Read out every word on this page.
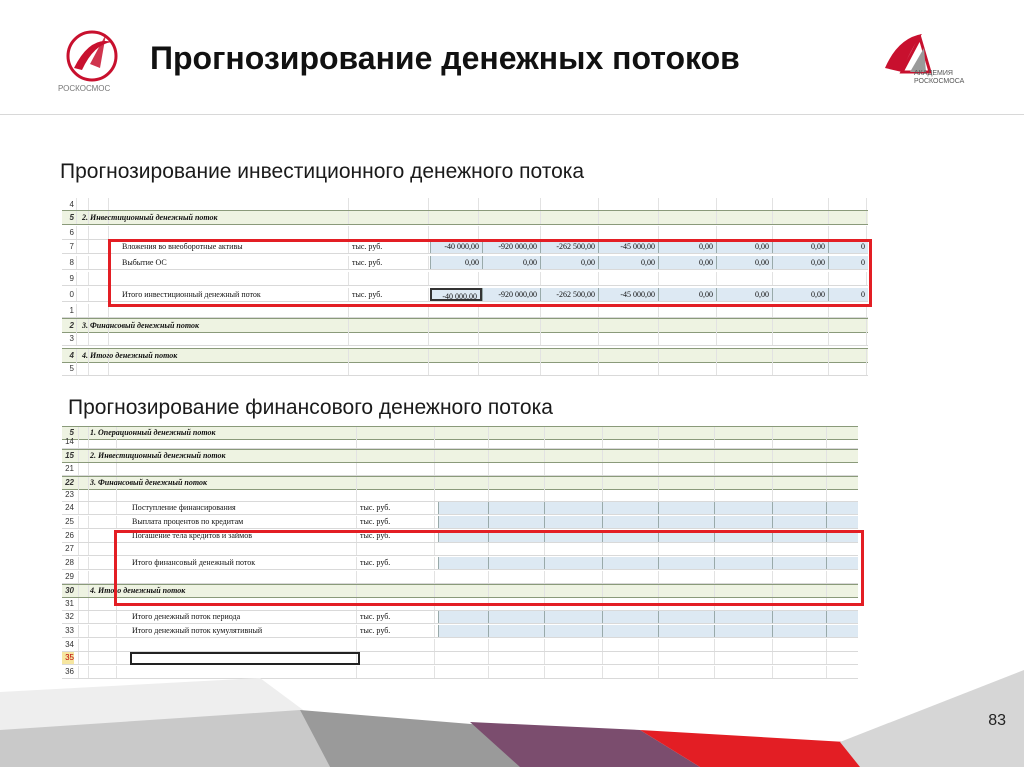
РОСКОСМОС
Прогнозирование денежных потоков	АКАДЕМИЯ РОСКОСМОСА
Прогнозирование инвестиционного денежного потока
4
5 2. Инвестиционный денежный поток
6
7	Вложения во внеоборотные активы	тыс. руб.	-40 000,00	-920 000,00	-262 500,00	-45 000,00	0,00	0,00	0,00	0
8	Выбытие ОС	тыс. руб.	0,00	0,00	0,00	0,00	0,00	0,00	0,00	0
9
0	Итого инвестиционный денежный поток	тыс. руб.	-40 000,00	-920 000,00	-262 500,00	-45 000,00	0,00	0,00	0,00	0
1
2 3. Финансовый денежный поток
3
4 4. Итого денежный поток
5
Прогнозирование финансового денежного потока
5 1. Операционный денежный поток
14
15 2. Инвестиционный денежный поток
21
22 3. Финансовый денежный поток
23
24	Поступление финансирования	тыс. руб.
25	Выплата процентов по кредитам	тыс. руб.
26	Погашение тела кредитов и займов	тыс. руб.
27
28	Итого финансовый денежный поток	тыс. руб.
29
30 4. Итого денежный поток
31
32	Итого денежный поток периода	тыс. руб.
33	Итого денежный поток кумулятивный	тыс. руб.
34
35
36
83
